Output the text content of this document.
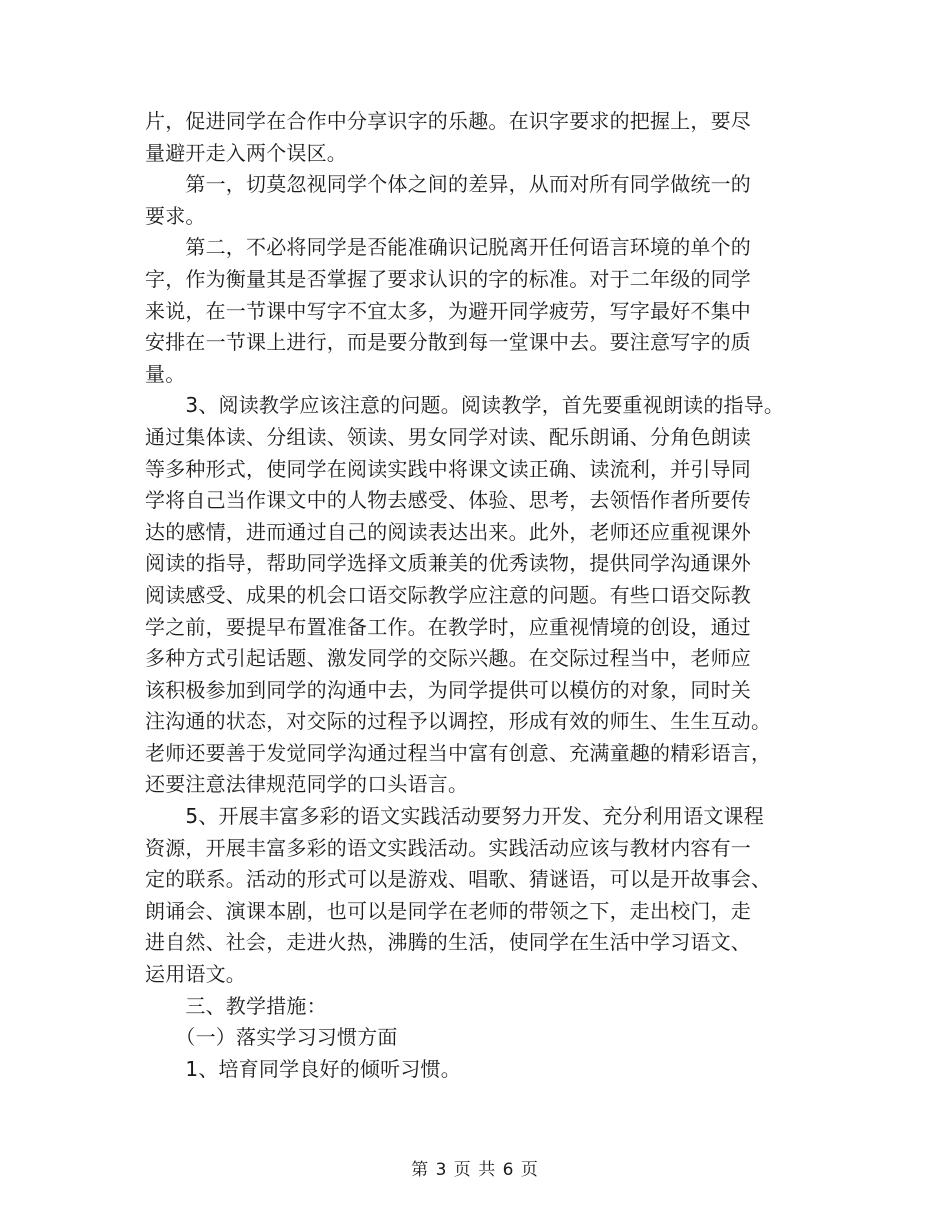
片，促进同学在合作中分享识字的乐趣。在识字要求的把握上，要尽
量避开走入两个误区。
　　第一，切莫忽视同学个体之间的差异，从而对所有同学做统一的
要求。
　　第二，不必将同学是否能准确识记脱离开任何语言环境的单个的
字，作为衡量其是否掌握了要求认识的字的标准。对于二年级的同学
来说，在一节课中写字不宜太多，为避开同学疲劳，写字最好不集中
安排在一节课上进行，而是要分散到每一堂课中去。要注意写字的质
量。
　　3、阅读教学应该注意的问题。阅读教学，首先要重视朗读的指导。
通过集体读、分组读、领读、男女同学对读、配乐朗诵、分角色朗读
等多种形式，使同学在阅读实践中将课文读正确、读流利，并引导同
学将自己当作课文中的人物去感受、体验、思考，去领悟作者所要传
达的感情，进而通过自己的阅读表达出来。此外，老师还应重视课外
阅读的指导，帮助同学选择文质兼美的优秀读物，提供同学沟通课外
阅读感受、成果的机会口语交际教学应注意的问题。有些口语交际教
学之前，要提早布置准备工作。在教学时，应重视情境的创设，通过
多种方式引起话题、激发同学的交际兴趣。在交际过程当中，老师应
该积极参加到同学的沟通中去，为同学提供可以模仿的对象，同时关
注沟通的状态，对交际的过程予以调控，形成有效的师生、生生互动。
老师还要善于发觉同学沟通过程当中富有创意、充满童趣的精彩语言，
还要注意法律规范同学的口头语言。
　　5、开展丰富多彩的语文实践活动要努力开发、充分利用语文课程
资源，开展丰富多彩的语文实践活动。实践活动应该与教材内容有一
定的联系。活动的形式可以是游戏、唱歌、猜谜语，可以是开故事会、
朗诵会、演课本剧，也可以是同学在老师的带领之下，走出校门，走
进自然、社会，走进火热，沸腾的生活，使同学在生活中学习语文、
运用语文。
　　三、教学措施：
　　（一）落实学习习惯方面
　　1、培育同学良好的倾听习惯。
第 3 页 共 6 页
